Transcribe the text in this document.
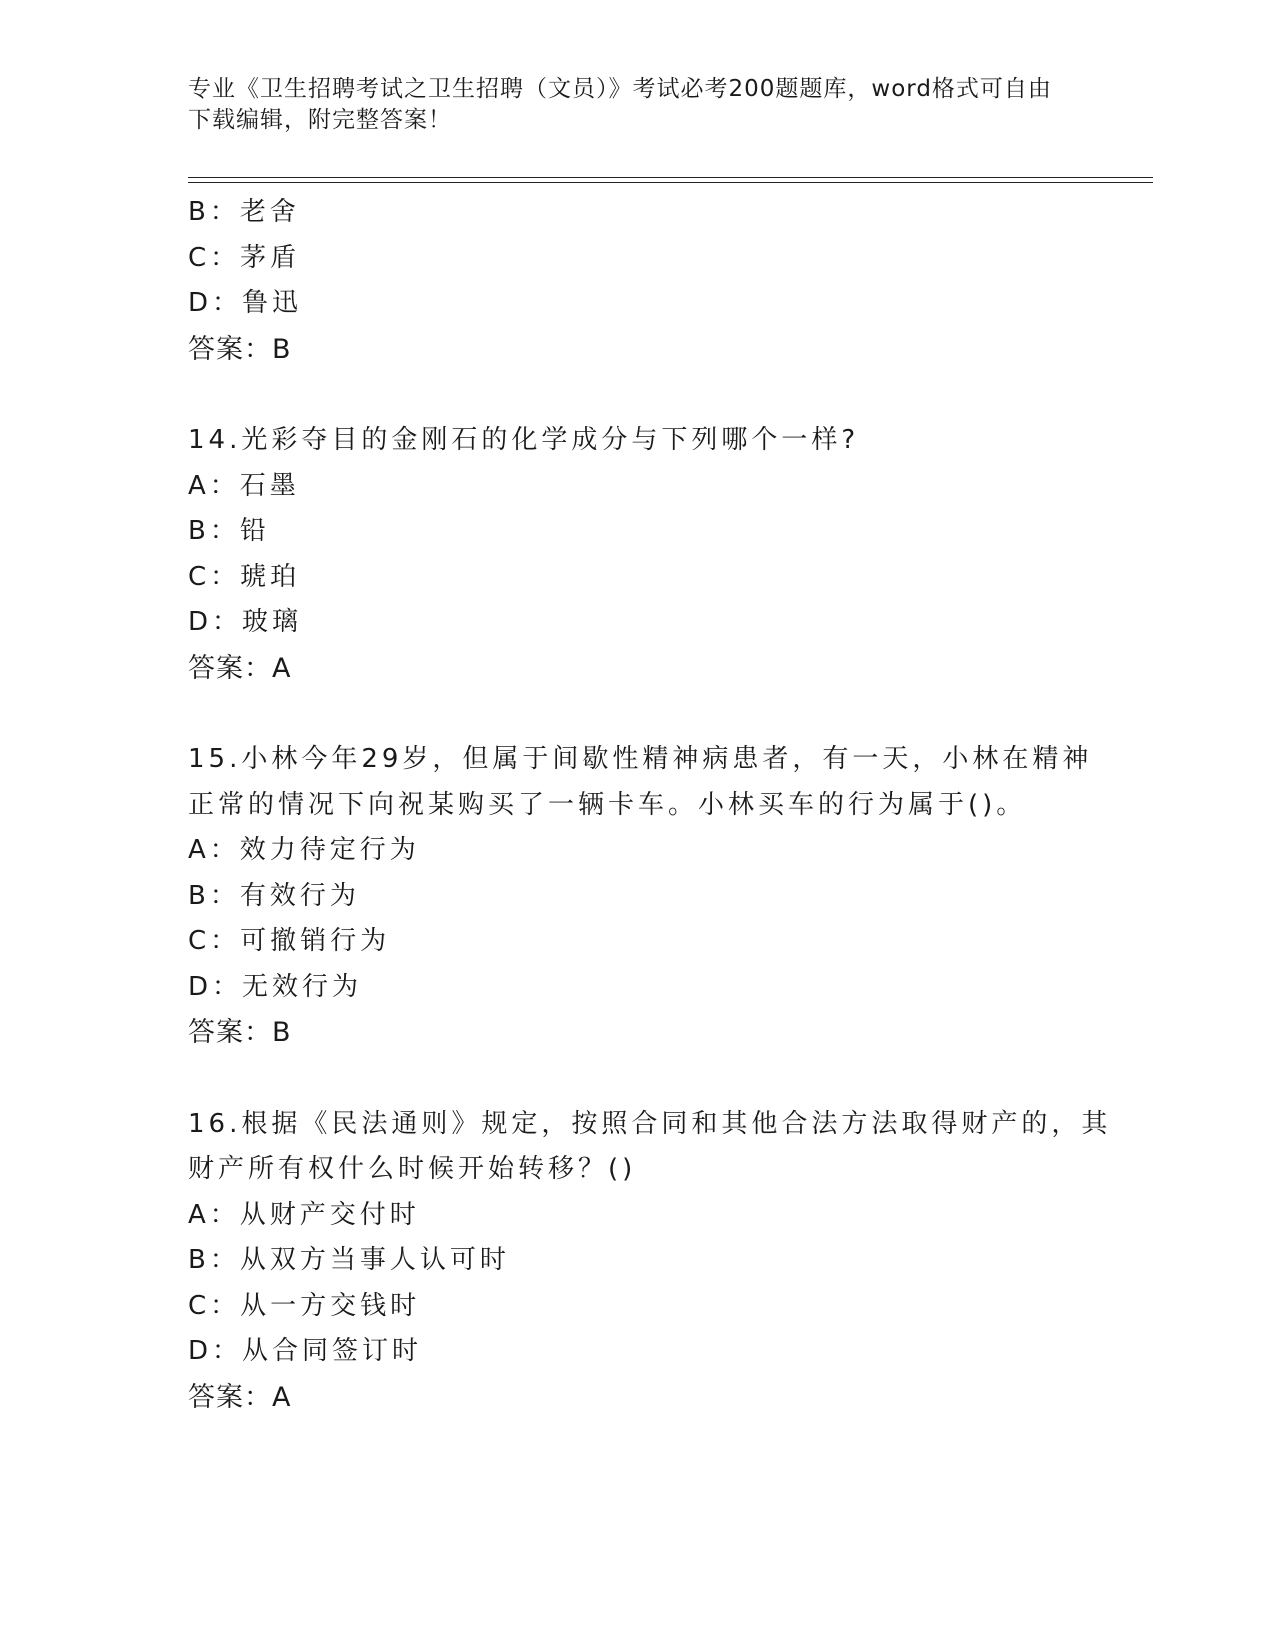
专业《卫生招聘考试之卫生招聘（文员）》考试必考200题题库，word格式可自由下载编辑，附完整答案！
B：老舍
C：茅盾
D：鲁迅
答案：B
14.光彩夺目的金刚石的化学成分与下列哪个一样?
A：石墨
B：铅
C：琥珀
D：玻璃
答案：A
15.小林今年29岁，但属于间歇性精神病患者，有一天，小林在精神
正常的情况下向祝某购买了一辆卡车。小林买车的行为属于()。
A：效力待定行为
B：有效行为
C：可撤销行为
D：无效行为
答案：B
16.根据《民法通则》规定，按照合同和其他合法方法取得财产的，其
财产所有权什么时候开始转移？()
A：从财产交付时
B：从双方当事人认可时
C：从一方交钱时
D：从合同签订时
答案：A
